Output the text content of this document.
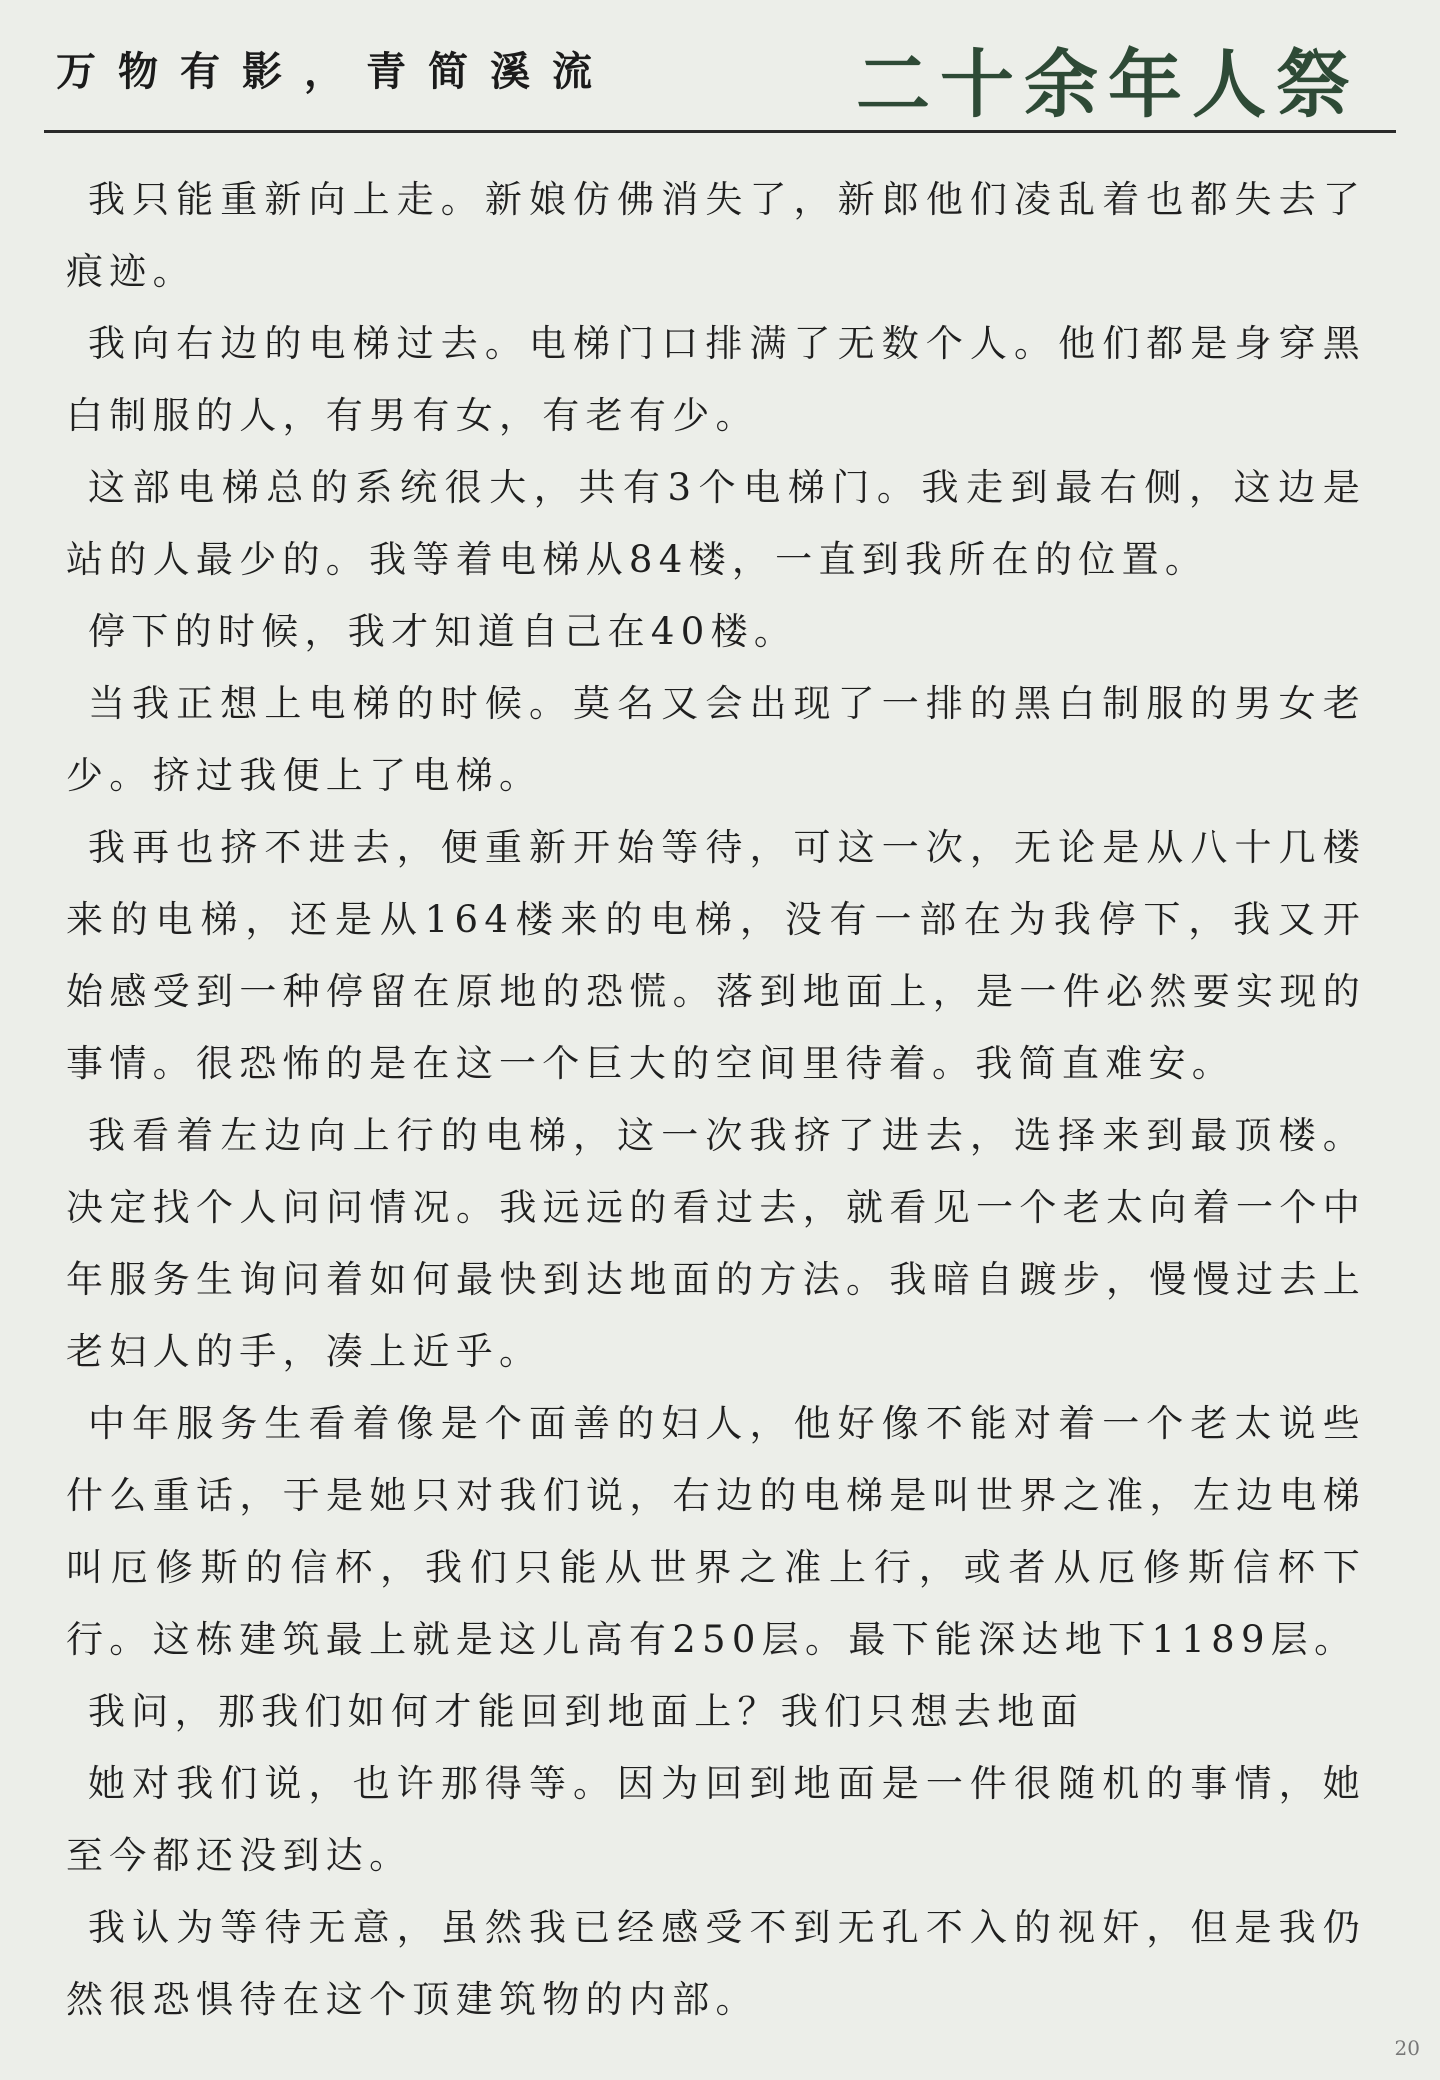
万物有影，青简溪流	二十余年人祭

我只能重新向上走。新娘仿佛消失了，新郎他们凌乱着也都失去了痕迹。

我向右边的电梯过去。电梯门口排满了无数个人。他们都是身穿黑白制服的人，有男有女，有老有少。

这部电梯总的系统很大，共有3个电梯门。我走到最右侧，这边是站的人最少的。我等着电梯从84楼，一直到我所在的位置。

停下的时候，我才知道自己在40楼。

当我正想上电梯的时候。莫名又会出现了一排的黑白制服的男女老少。挤过我便上了电梯。

我再也挤不进去，便重新开始等待，可这一次，无论是从八十几楼来的电梯，还是从164楼来的电梯，没有一部在为我停下，我又开始感受到一种停留在原地的恐慌。落到地面上，是一件必然要实现的事情。很恐怖的是在这一个巨大的空间里待着。我简直难安。

我看着左边向上行的电梯，这一次我挤了进去，选择来到最顶楼。决定找个人问问情况。我远远的看过去，就看见一个老太向着一个中年服务生询问着如何最快到达地面的方法。我暗自踱步，慢慢过去上老妇人的手，凑上近乎。

中年服务生看着像是个面善的妇人，他好像不能对着一个老太说些什么重话，于是她只对我们说，右边的电梯是叫世界之准，左边电梯叫厄修斯的信杯，我们只能从世界之准上行，或者从厄修斯信杯下行。这栋建筑最上就是这儿高有250层。最下能深达地下1189层。

我问，那我们如何才能回到地面上？我们只想去地面

她对我们说，也许那得等。因为回到地面是一件很随机的事情，她至今都还没到达。

我认为等待无意，虽然我已经感受不到无孔不入的视奸，但是我仍然很恐惧待在这个顶建筑物的内部。

20
